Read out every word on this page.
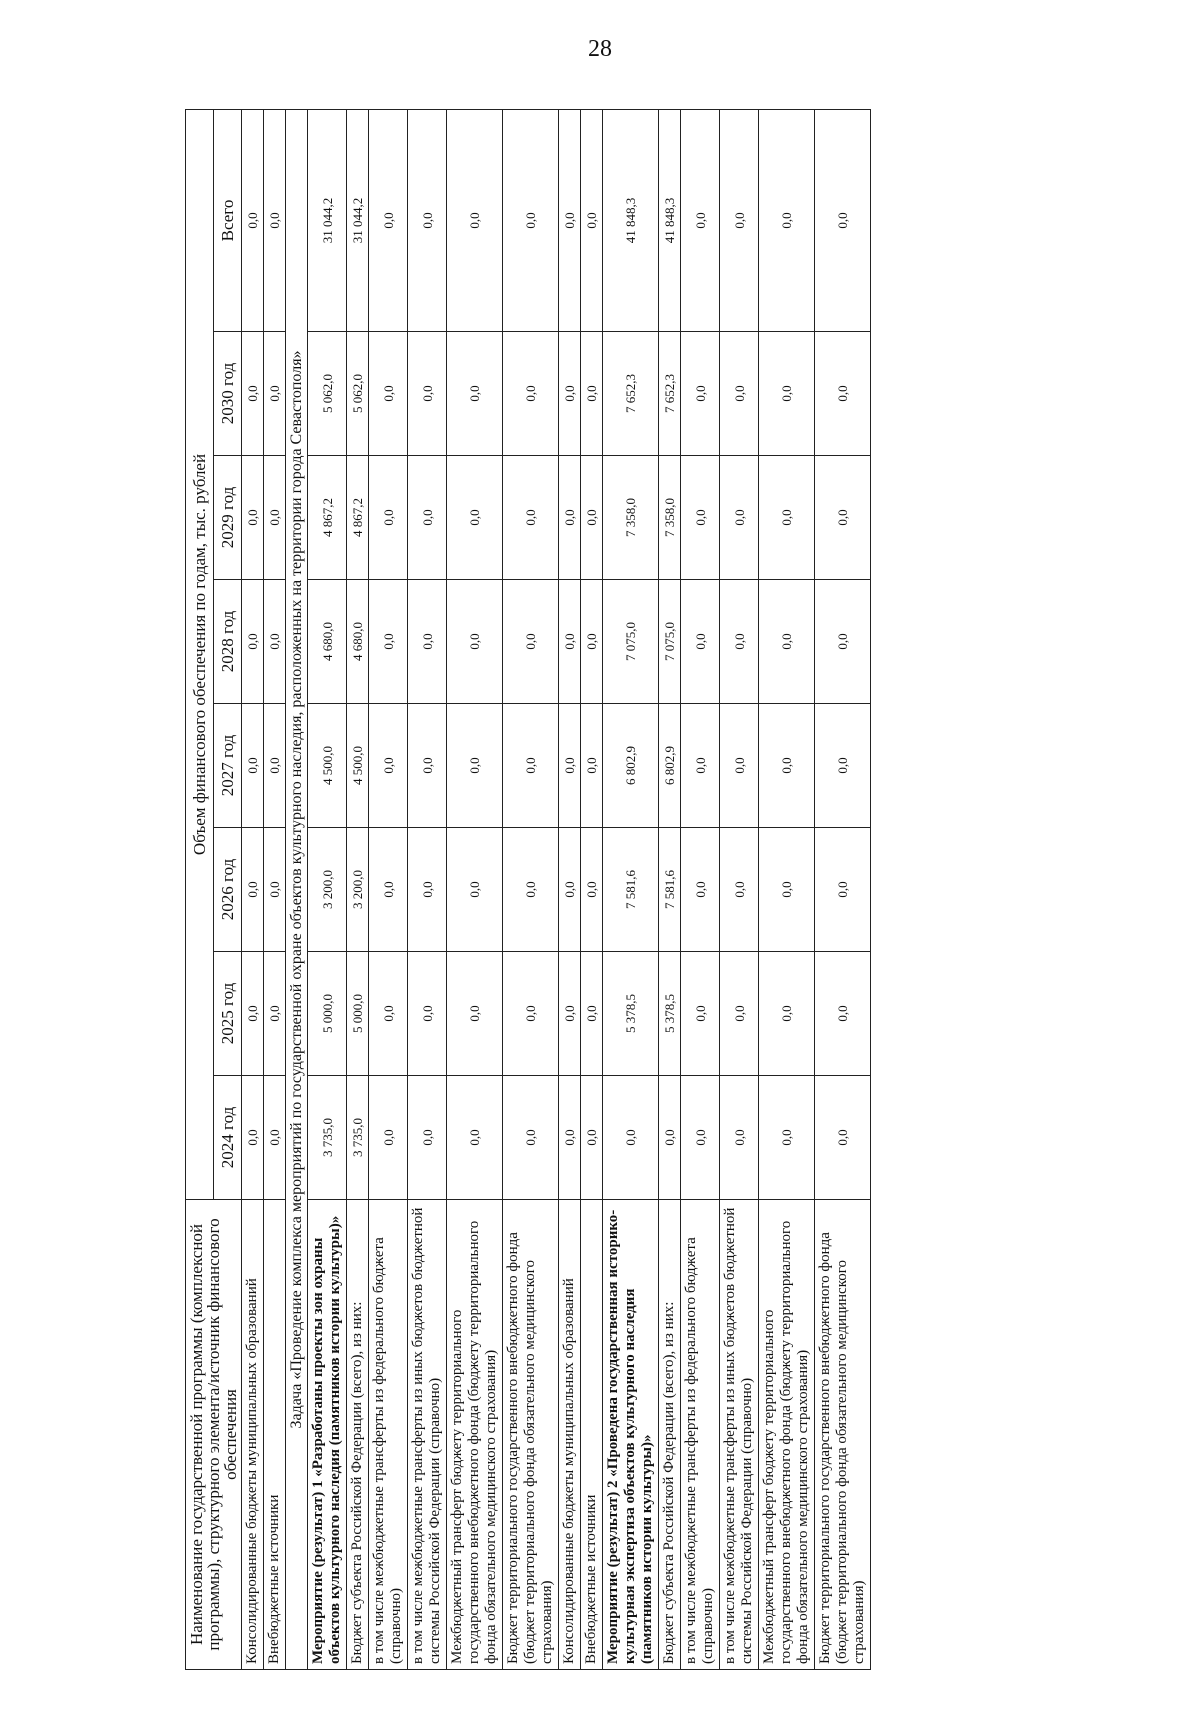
28
Наименование государственной программы (комплексной программы), структурного элемента/источник финансового обеспечения	Объем финансового обеспечения по годам, тыс. рублей							
	2024 год	2025 год	2026 год	2027 год	2028 год	2029 год	2030 год	Всего
Консолидированные бюджеты муниципальных образований	0,0	0,0	0,0	0,0	0,0	0,0	0,0	0,0
Внебюджетные источники	0,0	0,0	0,0	0,0	0,0	0,0	0,0	0,0
Задача «Проведение комплекса мероприятий по государственной охране объектов культурного наследия, расположенных на территории города Севастополя»								
Мероприятие (результат) 1 «Разработаны проекты зон охраны объектов культурного наследия (памятников истории культуры)»	3 735,0	5 000,0	3 200,0	4 500,0	4 680,0	4 867,2	5 062,0	31 044,2
Бюджет субъекта Российской Федерации (всего), из них:	3 735,0	5 000,0	3 200,0	4 500,0	4 680,0	4 867,2	5 062,0	31 044,2
в том числе межбюджетные трансферты из федерального бюджета (справочно)	0,0	0,0	0,0	0,0	0,0	0,0	0,0	0,0
в том числе межбюджетные трансферты из иных бюджетов бюджетной системы Российской Федерации (справочно)	0,0	0,0	0,0	0,0	0,0	0,0	0,0	0,0
Межбюджетный трансферт бюджету территориального государственного внебюджетного фонда (бюджету территориального фонда обязательного медицинского страхования)	0,0	0,0	0,0	0,0	0,0	0,0	0,0	0,0
Бюджет территориального государственного внебюджетного фонда (бюджет территориального фонда обязательного медицинского страхования)	0,0	0,0	0,0	0,0	0,0	0,0	0,0	0,0
Консолидированные бюджеты муниципальных образований	0,0	0,0	0,0	0,0	0,0	0,0	0,0	0,0
Внебюджетные источники	0,0	0,0	0,0	0,0	0,0	0,0	0,0	0,0
Мероприятие (результат) 2 «Проведена государственная историко-культурная экспертиза объектов культурного наследия (памятников истории культуры)»	0,0	5 378,5	7 581,6	6 802,9	7 075,0	7 358,0	7 652,3	41 848,3
Бюджет субъекта Российской Федерации (всего), из них:	0,0	5 378,5	7 581,6	6 802,9	7 075,0	7 358,0	7 652,3	41 848,3
в том числе межбюджетные трансферты из федерального бюджета (справочно)	0,0	0,0	0,0	0,0	0,0	0,0	0,0	0,0
в том числе межбюджетные трансферты из иных бюджетов бюджетной системы Российской Федерации (справочно)	0,0	0,0	0,0	0,0	0,0	0,0	0,0	0,0
Межбюджетный трансферт бюджету территориального государственного внебюджетного фонда (бюджету территориального фонда обязательного медицинского страхования)	0,0	0,0	0,0	0,0	0,0	0,0	0,0	0,0
Бюджет территориального государственного внебюджетного фонда (бюджет территориального фонда обязательного медицинского страхования)	0,0	0,0	0,0	0,0	0,0	0,0	0,0	0,0
